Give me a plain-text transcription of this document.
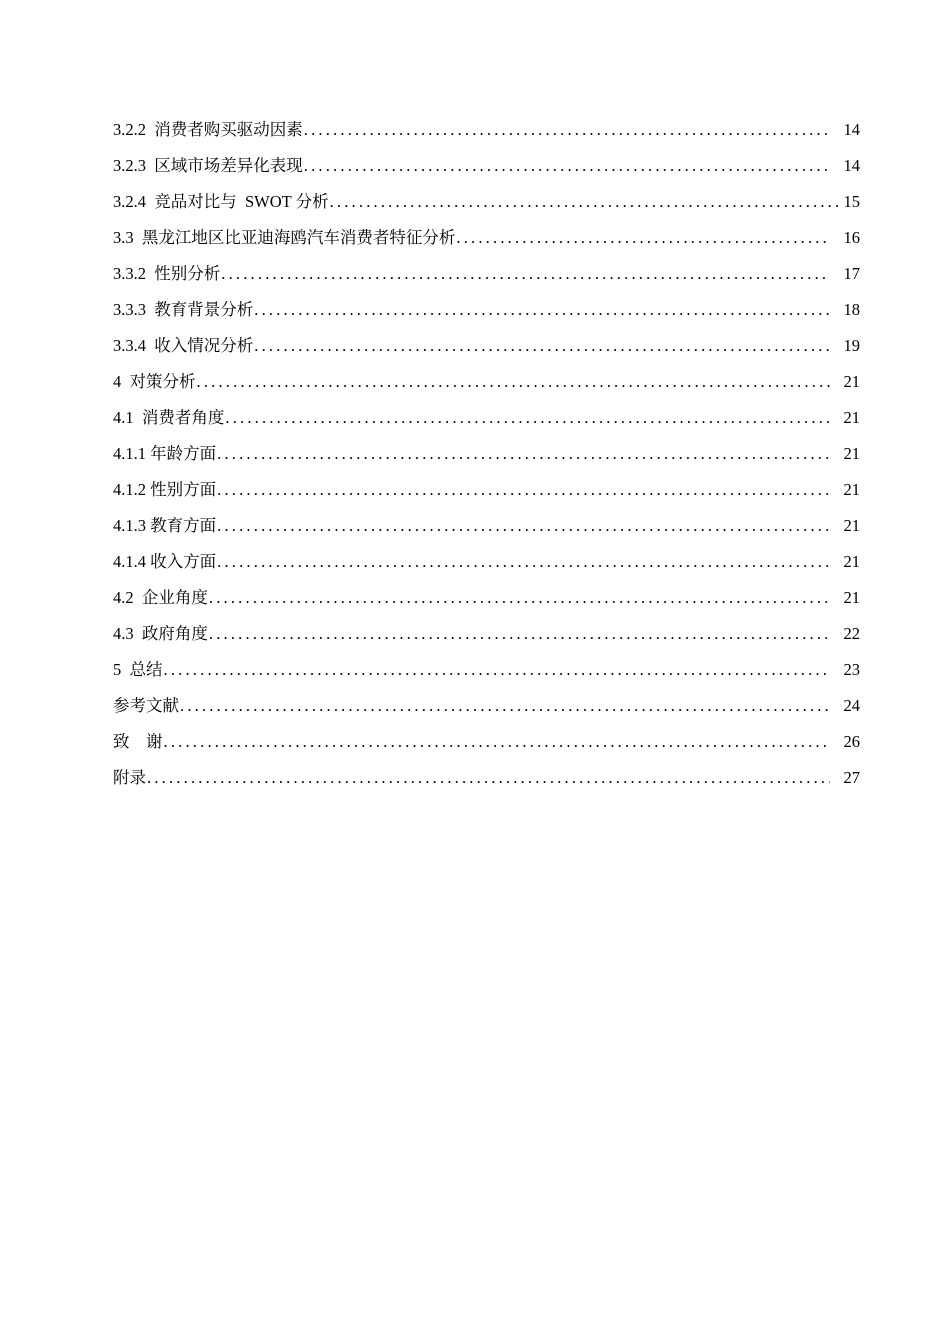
3.2.2  消费者购买驱动因素 .....	14
3.2.3  区域市场差异化表现 .....	14
3.2.4  竞品对比与  SWOT 分析 .....	15
3.3  黑龙江地区比亚迪海鸥汽车消费者特征分析 .....	16
3.3.2  性别分析 .....	17
3.3.3  教育背景分析 .....	18
3.3.4  收入情况分析 .....	19
4  对策分析 .....	21
4.1  消费者角度 .....	21
4.1.1 年龄方面 .....	21
4.1.2 性别方面 .....	21
4.1.3 教育方面 .....	21
4.1.4 收入方面 .....	21
4.2  企业角度 .....	21
4.3  政府角度 .....	22
5  总结 .....	23
参考文献 .....	24
致    谢 .....	26
附录 .....	27
